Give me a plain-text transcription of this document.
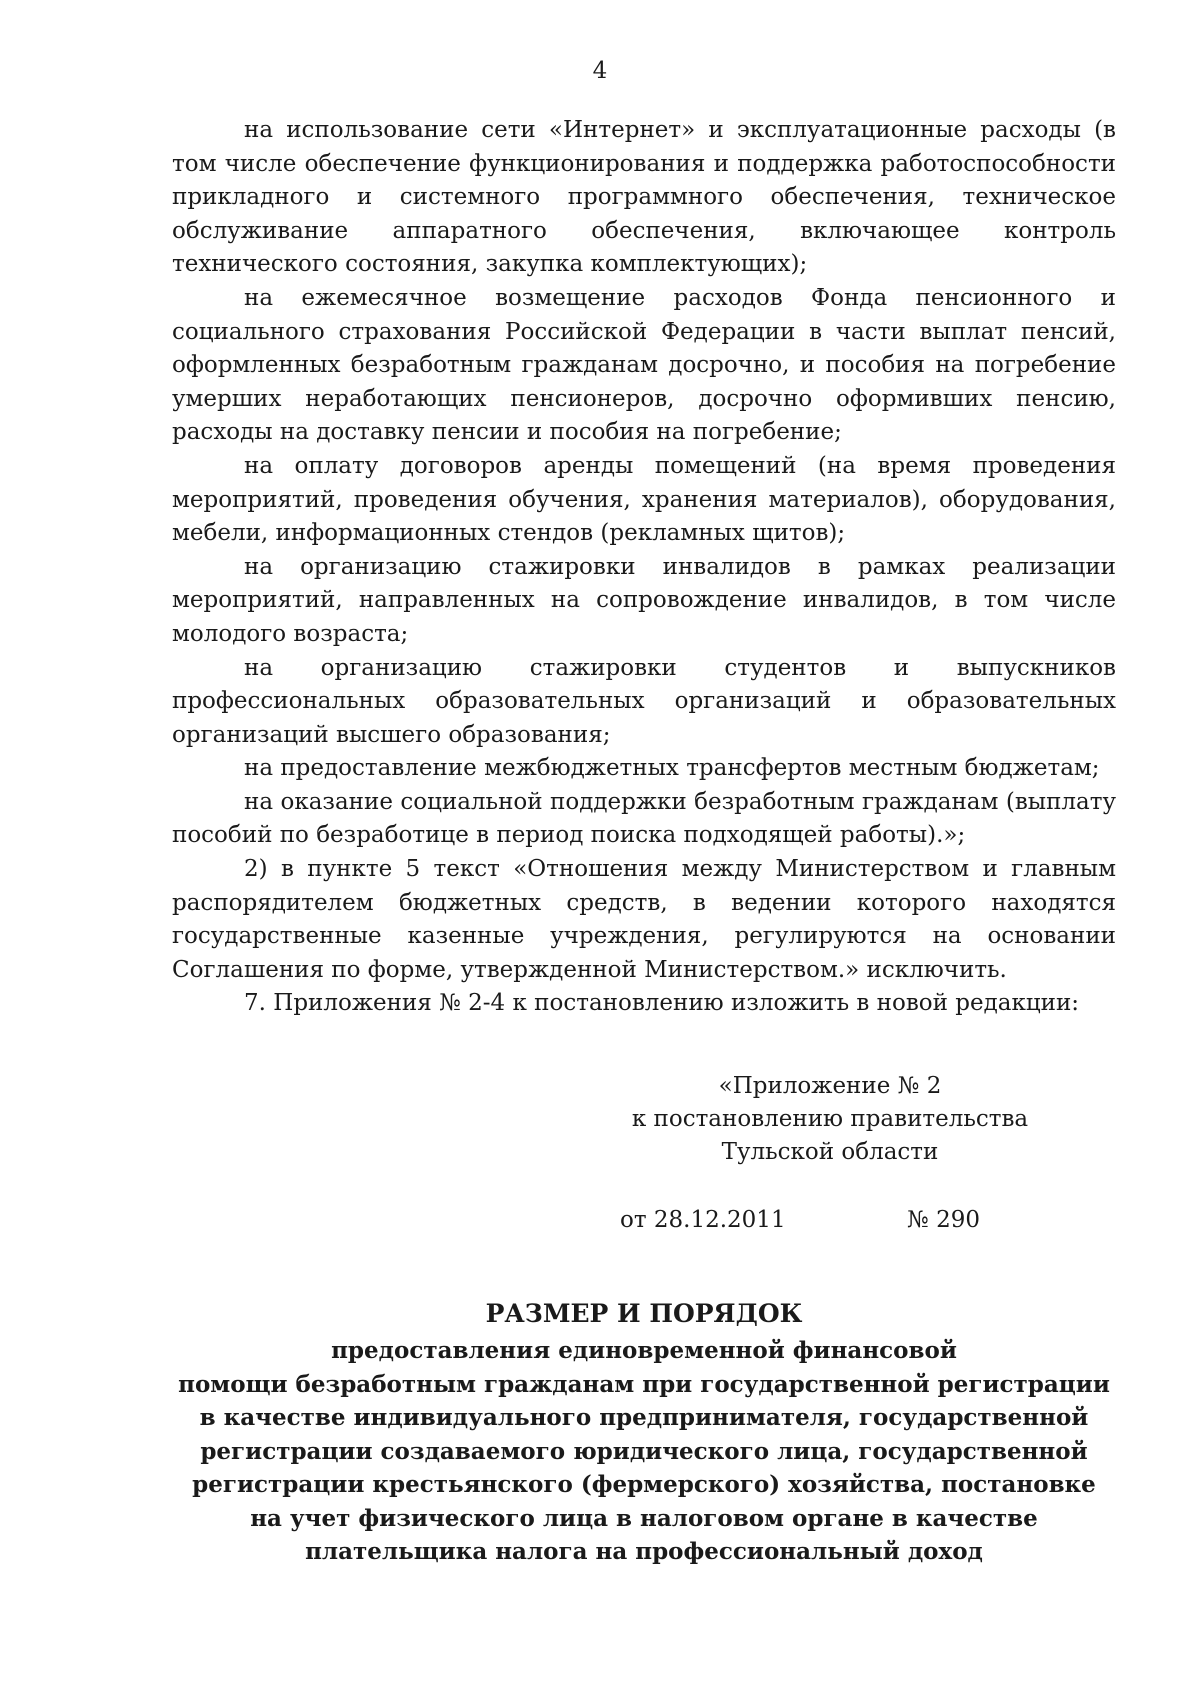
4

на использование сети «Интернет» и эксплуатационные расходы (в том числе обеспечение функционирования и поддержка работоспособности прикладного и системного программного обеспечения, техническое обслуживание аппаратного обеспечения, включающее контроль технического состояния, закупка комплектующих);

на ежемесячное возмещение расходов Фонда пенсионного и социального страхования Российской Федерации в части выплат пенсий, оформленных безработным гражданам досрочно, и пособия на погребение умерших неработающих пенсионеров, досрочно оформивших пенсию, расходы на доставку пенсии и пособия на погребение;

на оплату договоров аренды помещений (на время проведения мероприятий, проведения обучения, хранения материалов), оборудования, мебели, информационных стендов (рекламных щитов);

на организацию стажировки инвалидов в рамках реализации мероприятий, направленных на сопровождение инвалидов, в том числе молодого возраста;

на организацию стажировки студентов и выпускников профессиональных образовательных организаций и образовательных организаций высшего образования;

на предоставление межбюджетных трансфертов местным бюджетам;

на оказание социальной поддержки безработным гражданам (выплату пособий по безработице в период поиска подходящей работы).»;

2) в пункте 5 текст «Отношения между Министерством и главным распорядителем бюджетных средств, в ведении которого находятся государственные казенные учреждения, регулируются на основании Соглашения по форме, утвержденной Министерством.» исключить.

7. Приложения № 2-4 к постановлению изложить в новой редакции:

«Приложение № 2
к постановлению правительства
Тульской области
от 28.12.2011	№ 290
РАЗМЕР И ПОРЯДОК
предоставления единовременной финансовой
помощи безработным гражданам при государственной регистрации
в качестве индивидуального предпринимателя, государственной
регистрации создаваемого юридического лица, государственной
регистрации крестьянского (фермерского) хозяйства, постановке
на учет физического лица в налоговом органе в качестве
плательщика налога на профессиональный доход
